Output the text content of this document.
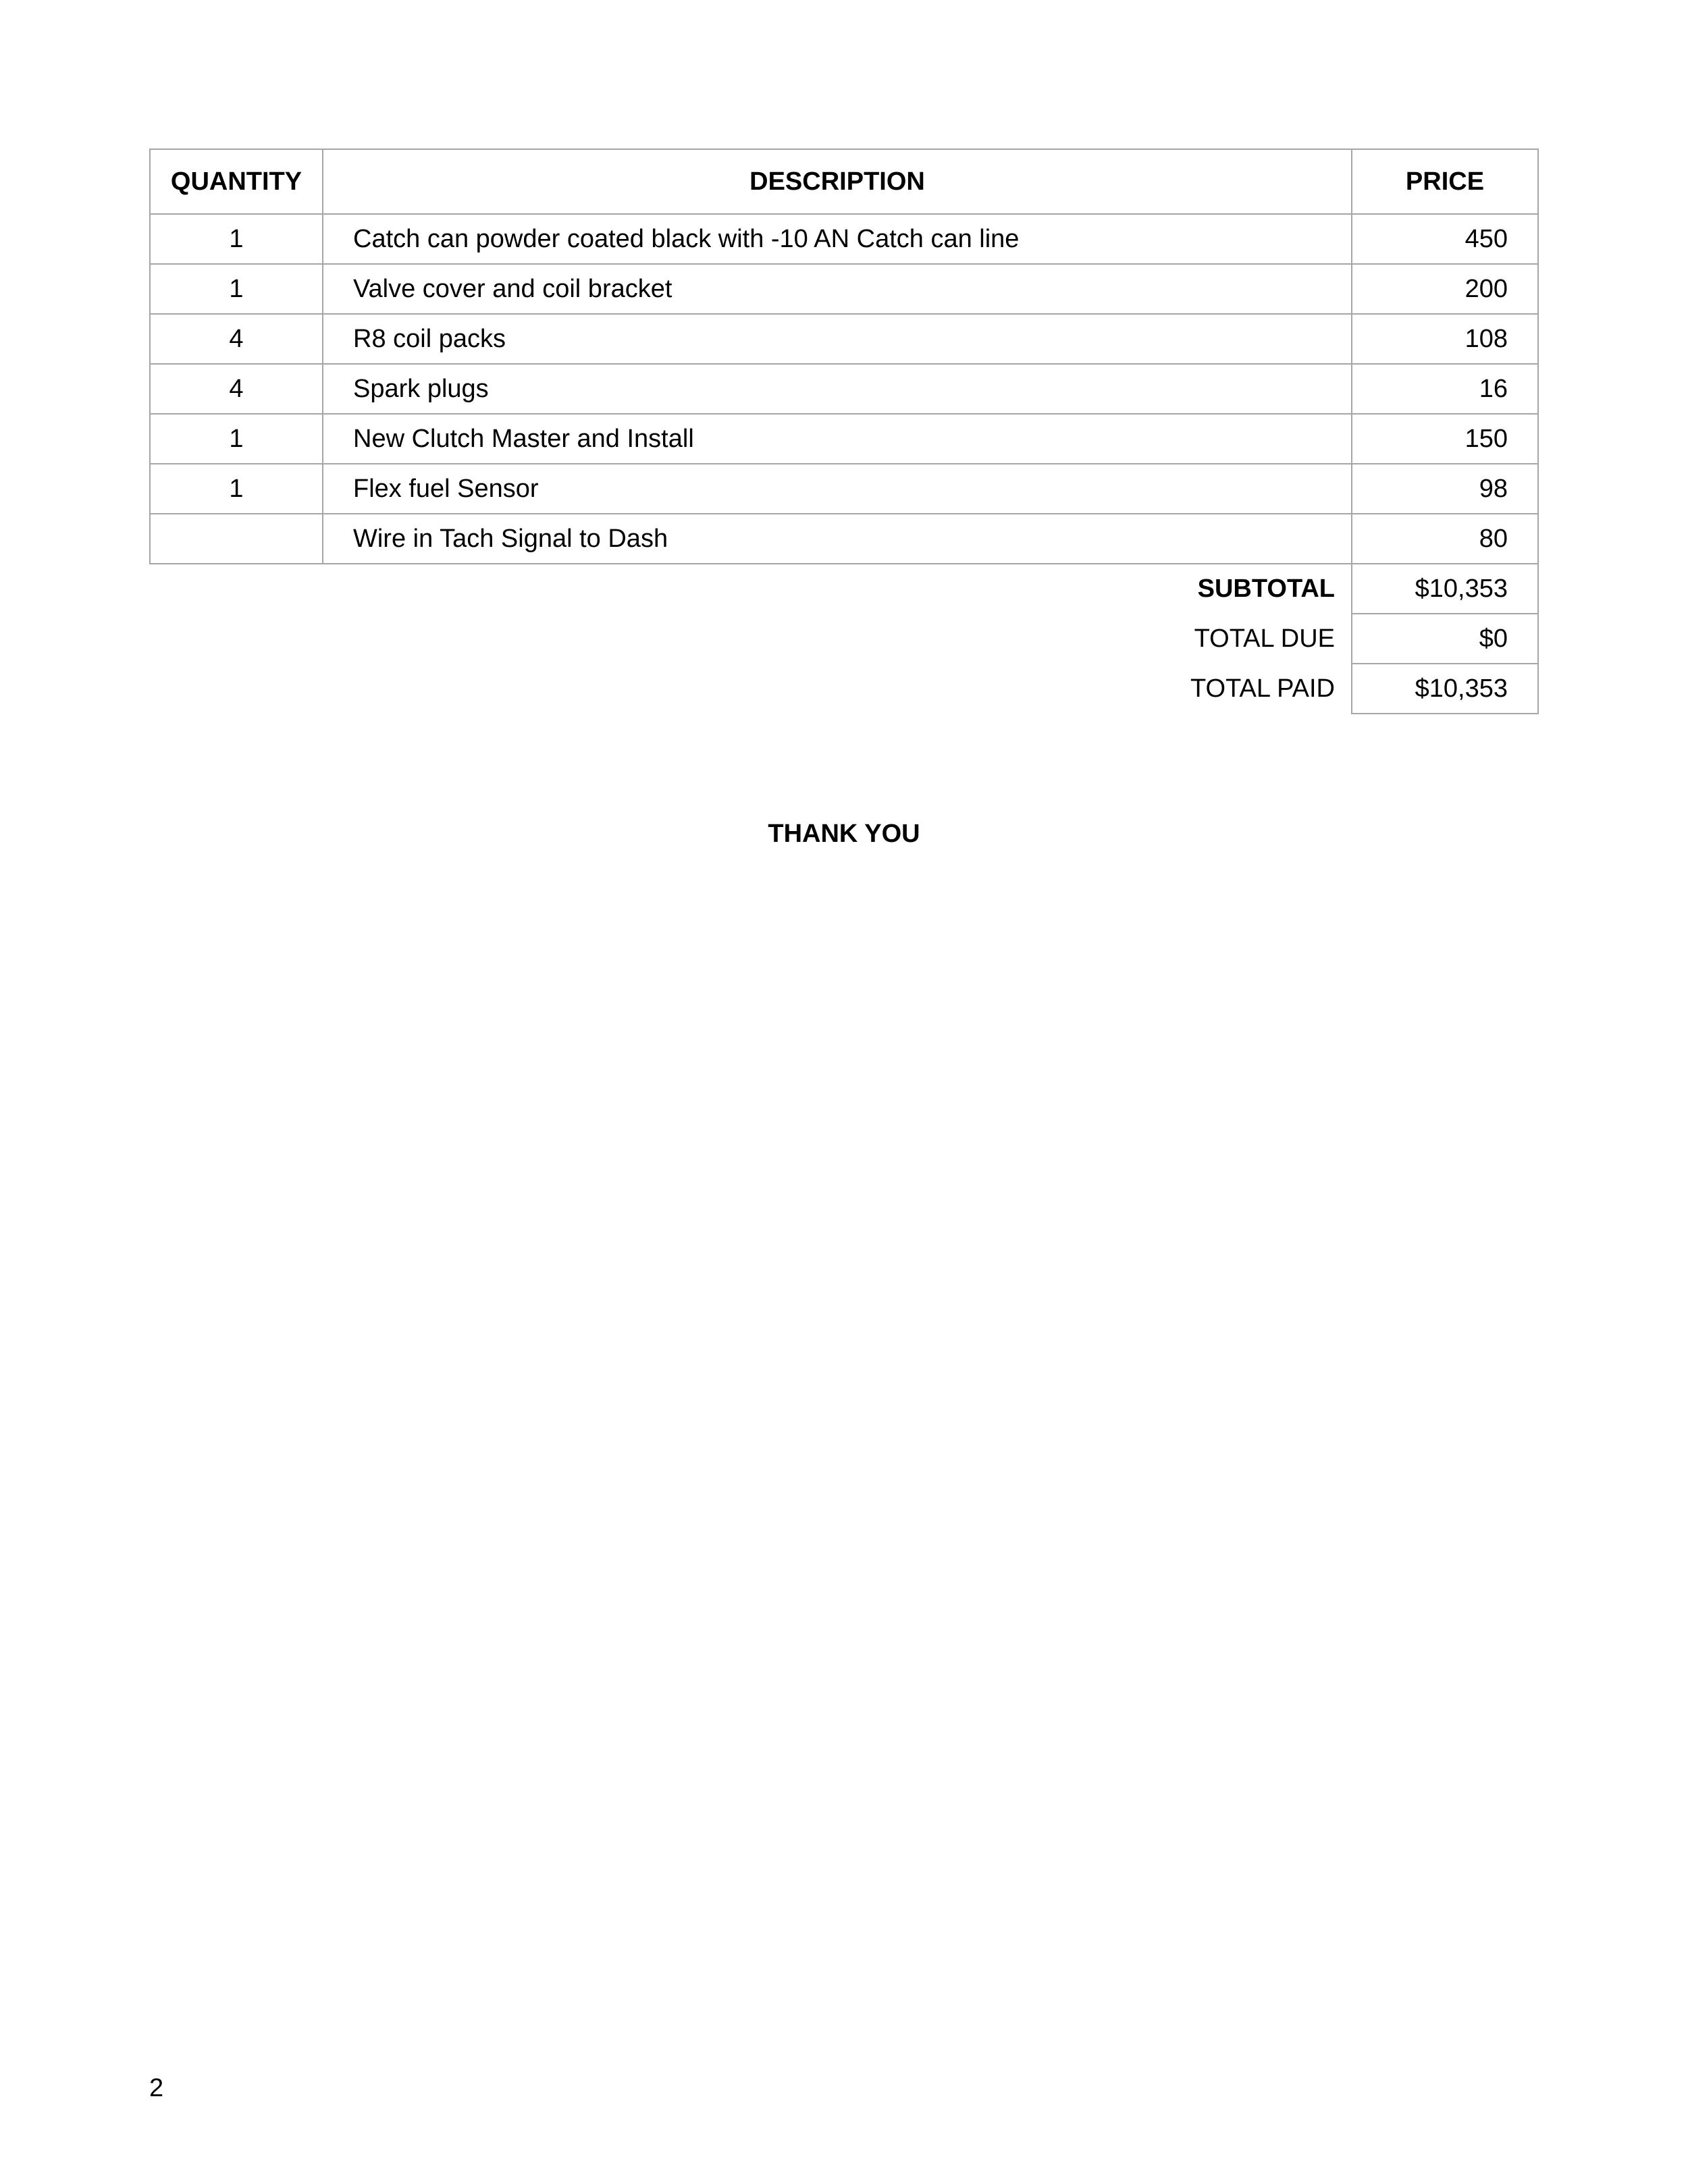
QUANTITY	DESCRIPTION	PRICE
1	Catch can powder coated black with -10 AN Catch can line	450
1	Valve cover and coil bracket	200
4	R8 coil packs	108
4	Spark plugs	16
1	New Clutch Master and Install	150
1	Flex fuel Sensor	98
	Wire in Tach Signal to Dash	80
	SUBTOTAL	$10,353
	TOTAL DUE	$0
	TOTAL PAID	$10,353
THANK YOU
2
